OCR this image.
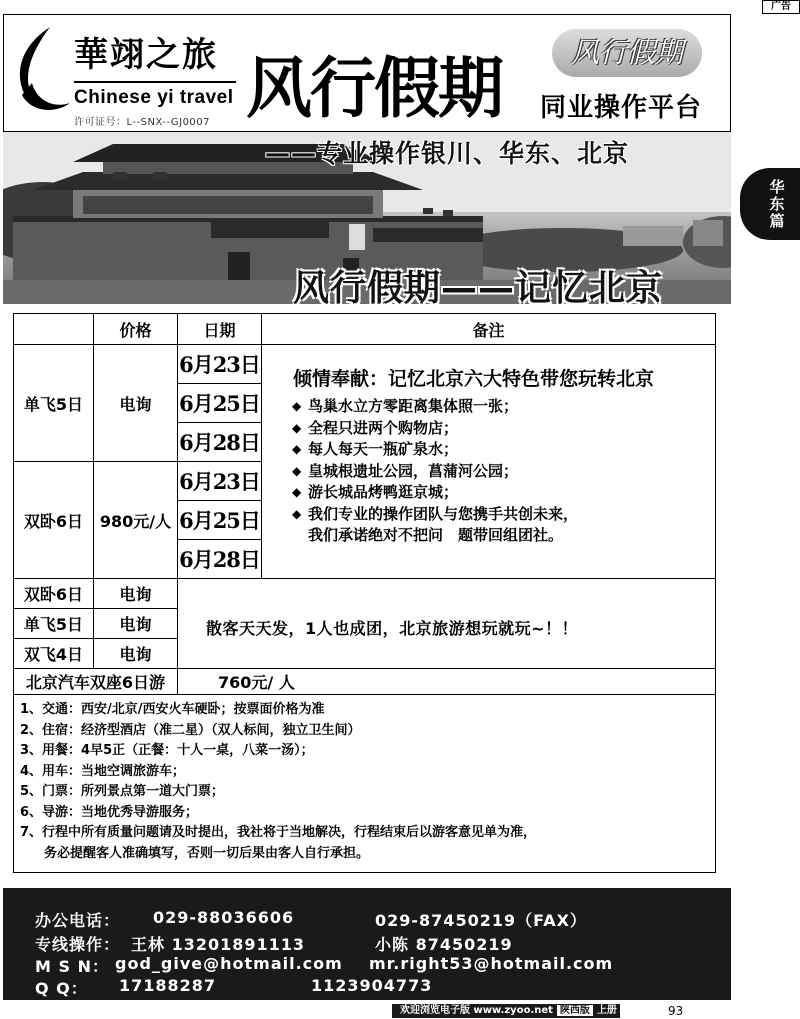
广告
華翊之旅
Chinese yi travel
许可证号：L--SNX--GJ0007 风行假期	风行假期
同业操作平台
——专业操作银川、华东、北京
风行假期——记忆北京
华
东
篇
价格	日期	备注
单飞5日	电询
6月23日
6月25日
6月28日
双卧6日	980元/人
6月23日
6月25日
6月28日
倾情奉献：记忆北京六大特色带您玩转北京
◆ 鸟巢水立方零距离集体照一张；
◆ 全程只进两个购物店；
◆ 每人每天一瓶矿泉水；
◆ 皇城根遗址公园，菖蒲河公园；
◆ 游长城品烤鸭逛京城；
◆ 我们专业的操作团队与您携手共创未来，
我们承诺绝对不把问　题带回组团社。
双卧6日	电询
单飞5日	电询
双飞4日	电询
散客天天发，1人也成团，北京旅游想玩就玩~！！
北京汽车双座6日游	760元/ 人
1、交通：西安/北京/西安火车硬卧；按票面价格为准
2、住宿：经济型酒店（准二星）（双人标间，独立卫生间）
3、用餐：4早5正（正餐：十人一桌，八菜一汤）；
4、用车：当地空调旅游车；
5、门票：所列景点第一道大门票；
6、导游：当地优秀导游服务；
7、行程中所有质量问题请及时提出，我社将于当地解决，行程结束后以游客意见单为准，
务必提醒客人准确填写，否则一切后果由客人自行承担。
办公电话： 029-88036606	029-87450219（FAX）
专线操作： 王林 13201891113	小陈 87450219
M S N： god_give@hotmail.com mr.right53@hotmail.com
Q Q： 17188287	1123904773
欢迎浏览电子版 www.zyoo.net 陕西版 上册	93
